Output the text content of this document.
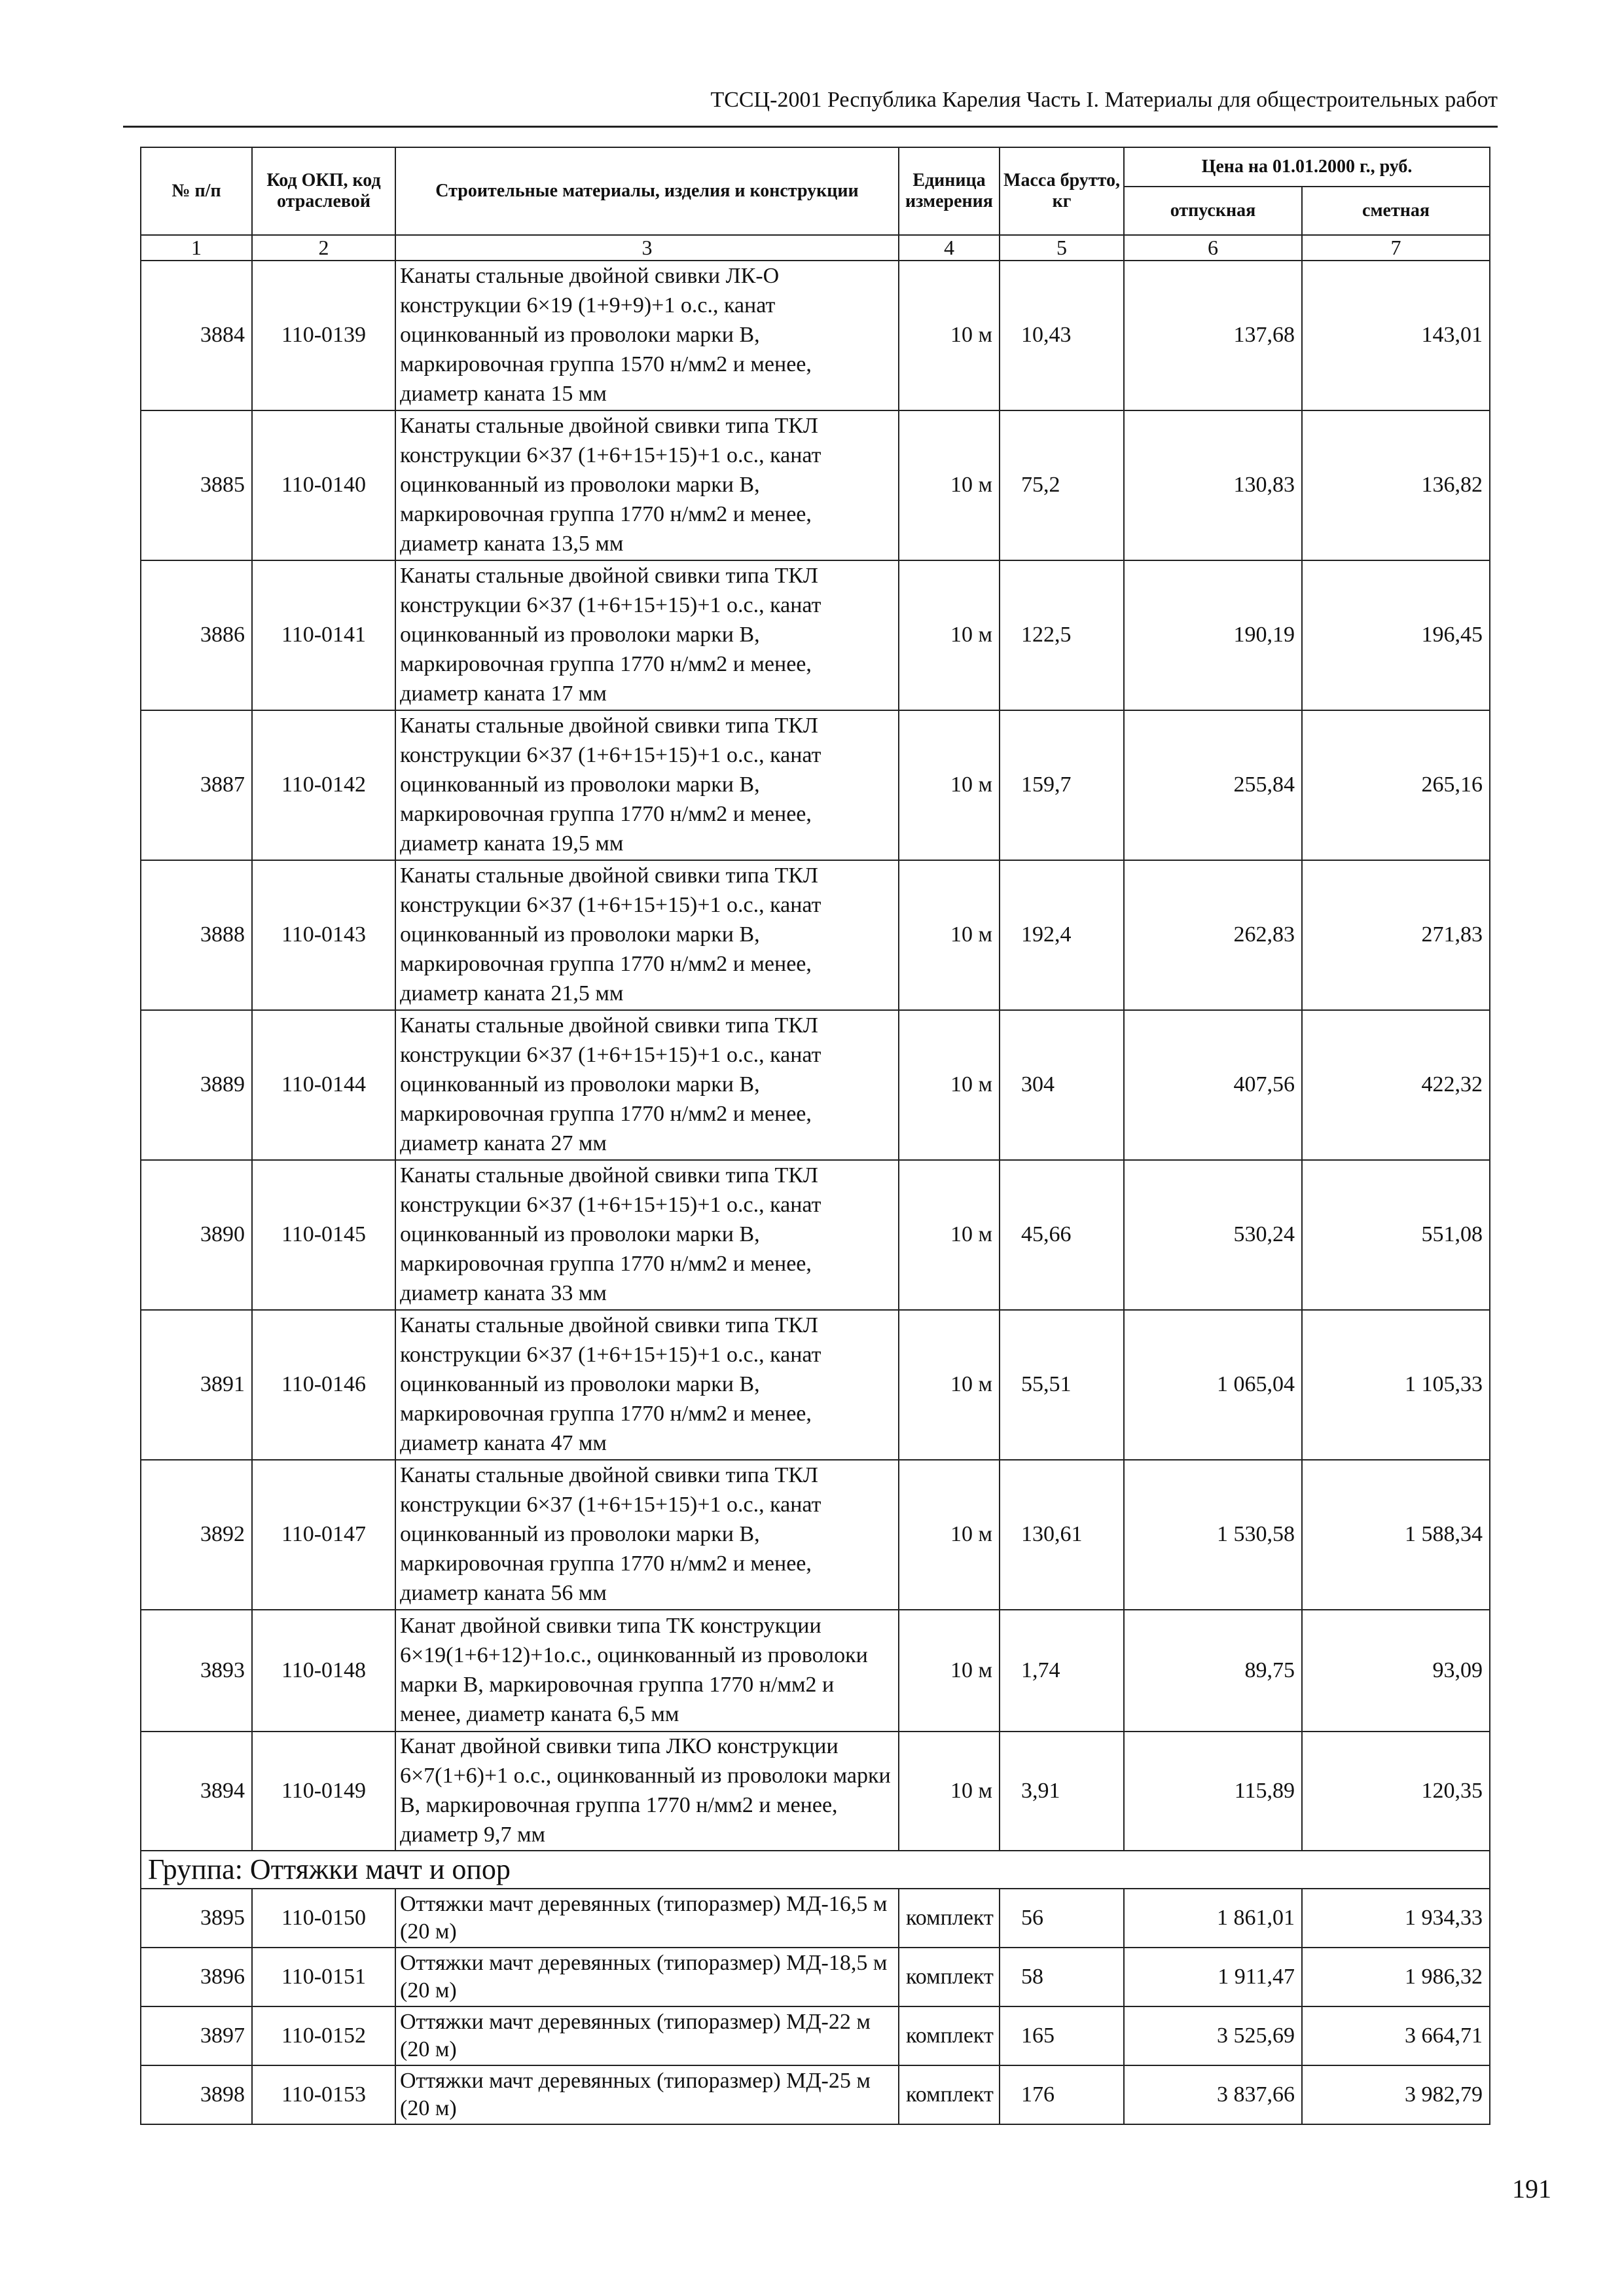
ТССЦ-2001 Республика Карелия Часть I. Материалы для общестроительных работ
№ п/п	Код ОКП, код отраслевой	Строительные материалы, изделия и конструкции	Единица измерения	Масса брутто, кг	Цена на 01.01.2000 г., руб.	
					отпускная	сметная
1	2	3	4	5	6	7
3884	110-0139	Канаты стальные двойной свивки ЛК-О конструкции 6×19 (1+9+9)+1 о.с., канат оцинкованный из проволоки марки В, маркировочная группа 1570 н/мм2 и менее, диаметр каната 15 мм	10 м	10,43	137,68	143,01
3885	110-0140	Канаты стальные двойной свивки типа ТКЛ конструкции 6×37 (1+6+15+15)+1 о.с., канат оцинкованный из проволоки марки В, маркировочная группа 1770 н/мм2 и менее, диаметр каната 13,5 мм	10 м	75,2	130,83	136,82
3886	110-0141	Канаты стальные двойной свивки типа ТКЛ конструкции 6×37 (1+6+15+15)+1 о.с., канат оцинкованный из проволоки марки В, маркировочная группа 1770 н/мм2 и менее, диаметр каната 17 мм	10 м	122,5	190,19	196,45
3887	110-0142	Канаты стальные двойной свивки типа ТКЛ конструкции 6×37 (1+6+15+15)+1 о.с., канат оцинкованный из проволоки марки В, маркировочная группа 1770 н/мм2 и менее, диаметр каната 19,5 мм	10 м	159,7	255,84	265,16
3888	110-0143	Канаты стальные двойной свивки типа ТКЛ конструкции 6×37 (1+6+15+15)+1 о.с., канат оцинкованный из проволоки марки В, маркировочная группа 1770 н/мм2 и менее, диаметр каната 21,5 мм	10 м	192,4	262,83	271,83
3889	110-0144	Канаты стальные двойной свивки типа ТКЛ конструкции 6×37 (1+6+15+15)+1 о.с., канат оцинкованный из проволоки марки В, маркировочная группа 1770 н/мм2 и менее, диаметр каната 27 мм	10 м	304	407,56	422,32
3890	110-0145	Канаты стальные двойной свивки типа ТКЛ конструкции 6×37 (1+6+15+15)+1 о.с., канат оцинкованный из проволоки марки В, маркировочная группа 1770 н/мм2 и менее, диаметр каната 33 мм	10 м	45,66	530,24	551,08
3891	110-0146	Канаты стальные двойной свивки типа ТКЛ конструкции 6×37 (1+6+15+15)+1 о.с., канат оцинкованный из проволоки марки В, маркировочная группа 1770 н/мм2 и менее, диаметр каната 47 мм	10 м	55,51	1 065,04	1 105,33
3892	110-0147	Канаты стальные двойной свивки типа ТКЛ конструкции 6×37 (1+6+15+15)+1 о.с., канат оцинкованный из проволоки марки В, маркировочная группа 1770 н/мм2 и менее, диаметр каната 56 мм	10 м	130,61	1 530,58	1 588,34
3893	110-0148	Канат двойной свивки типа ТК конструкции 6×19(1+6+12)+1о.с., оцинкованный из проволоки марки В, маркировочная группа 1770 н/мм2 и менее, диаметр каната 6,5 мм	10 м	1,74	89,75	93,09
3894	110-0149	Канат двойной свивки типа ЛКО конструкции 6×7(1+6)+1 о.с., оцинкованный из проволоки марки В, маркировочная группа 1770 н/мм2 и менее, диаметр 9,7 мм	10 м	3,91	115,89	120,35
Группа: Оттяжки мачт и опор						
3895	110-0150	Оттяжки мачт деревянных (типоразмер) МД-16,5 м (20 м)	комплект	56	1 861,01	1 934,33
3896	110-0151	Оттяжки мачт деревянных (типоразмер) МД-18,5 м (20 м)	комплект	58	1 911,47	1 986,32
3897	110-0152	Оттяжки мачт деревянных (типоразмер) МД-22 м (20 м)	комплект	165	3 525,69	3 664,71
3898	110-0153	Оттяжки мачт деревянных (типоразмер) МД-25 м (20 м)	комплект	176	3 837,66	3 982,79
191
